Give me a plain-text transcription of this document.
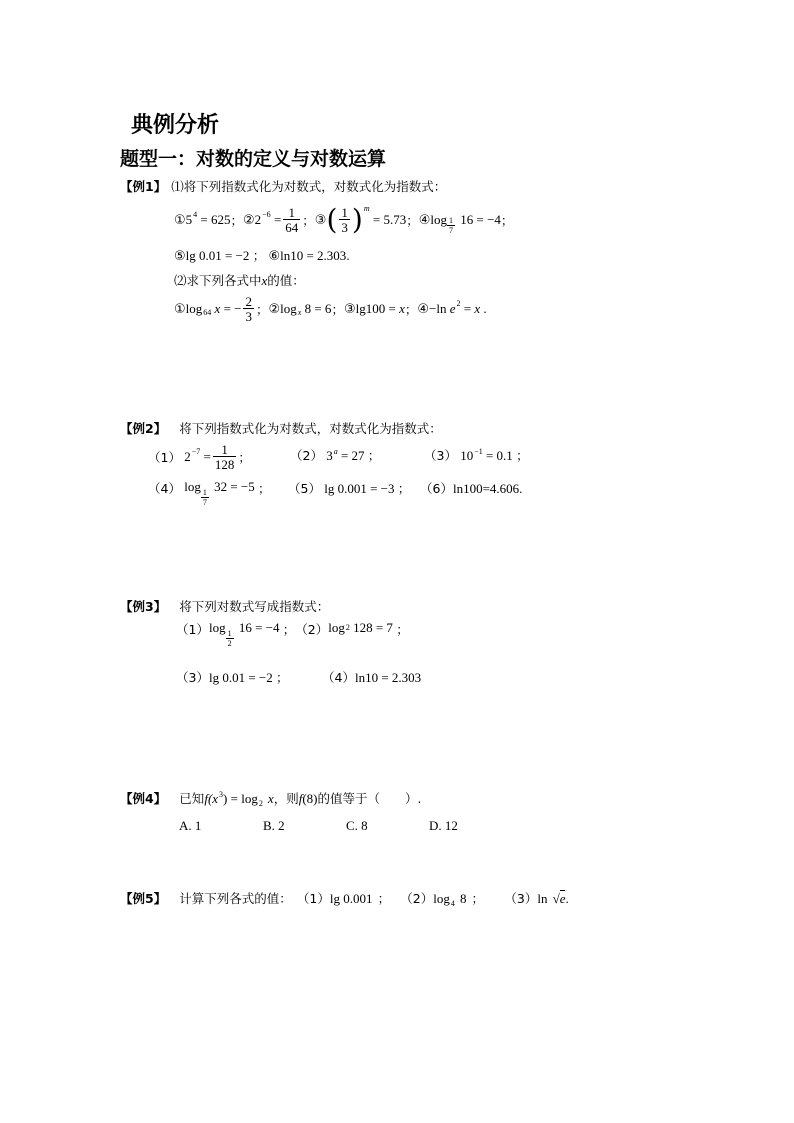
典例分析
题型一：对数的定义与对数运算
【例1】 ⑴将下列指数式化为对数式，对数式化为指数式：
① 5 4
= 625 ； ② 2 −6
= $\frac{1}{64}$ ； ③ ( $\frac{1}{3}$ ) m

= 5.73 ； ④ $\log \frac{1}{7}$
16 = −4 ；
⑤lg 0.01 = −2 ； ⑥ln10 = 2.303.
⑵求下列各式中x的值：
① log 64
x
= − $\frac{2}{3}$ ； ② log x
8 = 6 ； ③ lg100 =
x ； ④ −ln
e 2
=
x
.
【例2】 将下列指数式化为对数式，对数式化为指数式：
（1）
2 −7
= $\frac{1}{128}$ ；	（2） $3^a = 27$ ；	（3） $10^{-1} = 0.1$ ；
（4）
log
$\frac{1}{7}$

32 = −5
； （5） lg 0.001 = −3 ； （6）ln100=4.606.
【例3】 将下列对数式写成指数式：
（1） log
$\frac{1}{2}$

16 = −4
； （2） log 2
128 = 7
；
（3）lg 0.01 = −2 ；	（4）ln10 = 2.303
【例4】 已知$f(x^3) = \log 2$ x，则f(8)的值等于（　　）.
A. 1	B. 2	C. 8	D. 12
【例5】 计算下列各式的值： （1）lg 0.001 ； （2）log4 8 ； （3）ln √e.
